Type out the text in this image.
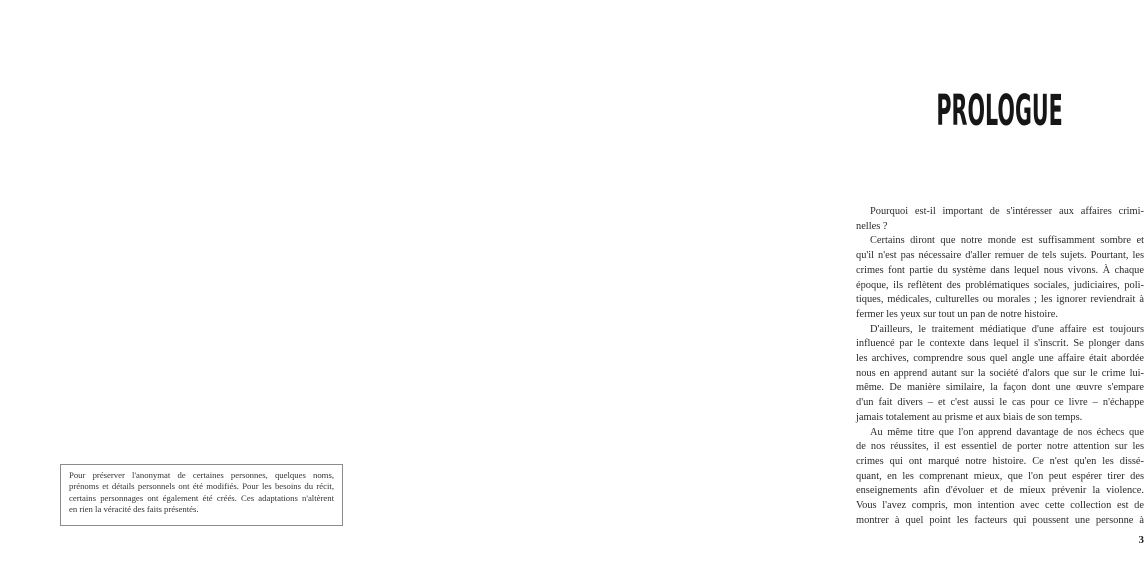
Pour préserver l'anonymat de certaines personnes, quelques noms,
prénoms et détails personnels ont été modifiés. Pour les besoins du récit,
certains personnages ont également été créés. Ces adaptations n'altèrent
en rien la véracité des faits présentés.
PROLOGUE
Pourquoi est-il important de s'intéresser aux affaires crimi-
nelles ?
Certains diront que notre monde est suffisamment sombre et
qu'il n'est pas nécessaire d'aller remuer de tels sujets. Pourtant, les
crimes font partie du système dans lequel nous vivons. À chaque
époque, ils reflètent des problématiques sociales, judiciaires, poli-
tiques, médicales, culturelles ou morales ; les ignorer reviendrait à
fermer les yeux sur tout un pan de notre histoire.
D'ailleurs, le traitement médiatique d'une affaire est toujours
influencé par le contexte dans lequel il s'inscrit. Se plonger dans
les archives, comprendre sous quel angle une affaire était abordée
nous en apprend autant sur la société d'alors que sur le crime lui-
même. De manière similaire, la façon dont une œuvre s'empare
d'un fait divers – et c'est aussi le cas pour ce livre – n'échappe
jamais totalement au prisme et aux biais de son temps.
Au même titre que l'on apprend davantage de nos échecs que
de nos réussites, il est essentiel de porter notre attention sur les
crimes qui ont marqué notre histoire. Ce n'est qu'en les dissé-
quant, en les comprenant mieux, que l'on peut espérer tirer des
enseignements afin d'évoluer et de mieux prévenir la violence.
Vous l'avez compris, mon intention avec cette collection est de
montrer à quel point les facteurs qui poussent une personne à
3
